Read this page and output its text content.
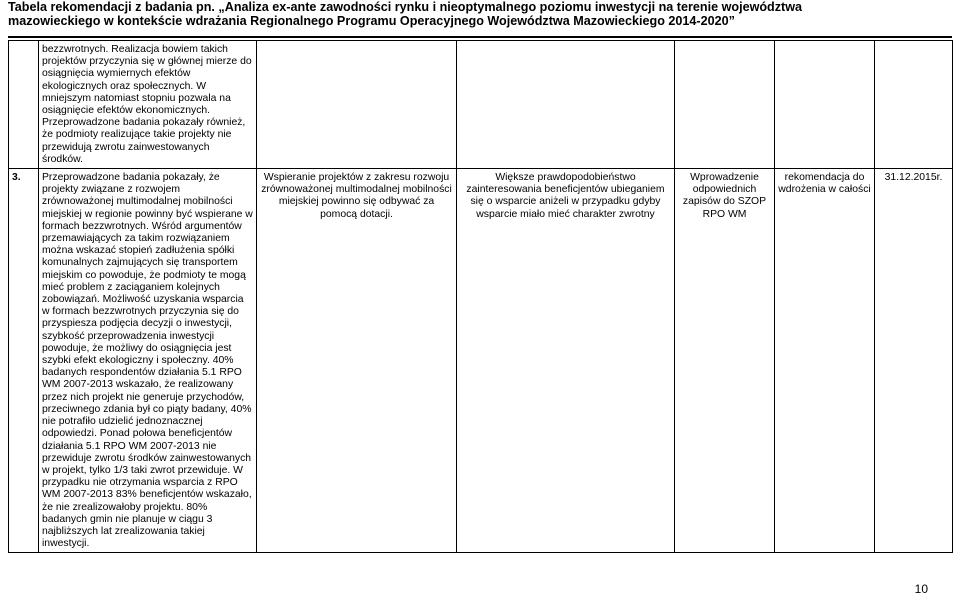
Tabela rekomendacji z badania pn. „Analiza ex-ante zawodności rynku i nieoptymalnego poziomu inwestycji na terenie województwa
mazowieckiego w kontekście wdrażania Regionalnego Programu Operacyjnego Województwa Mazowieckiego 2014-2020”
	bezzwrotnych. Realizacja bowiem takich projektów przyczynia się w głównej mierze do osiągnięcia wymiernych efektów ekologicznych oraz społecznych. W mniejszym natomiast stopniu pozwala na osiągnięcie efektów ekonomicznych. Przeprowadzone badania pokazały również, że podmioty realizujące takie projekty nie przewidują zwrotu zainwestowanych środków.					
3.	Przeprowadzone badania pokazały, że projekty związane z rozwojem zrównoważonej multimodalnej mobilności miejskiej w regionie powinny być wspierane w formach bezzwrotnych. Wśród argumentów przemawiających za takim rozwiązaniem można wskazać stopień zadłużenia spółki komunalnych zajmujących się transportem miejskim co powoduje, że podmioty te mogą mieć problem z zaciąganiem kolejnych zobowiązań. Możliwość uzyskania wsparcia w formach bezzwrotnych przyczynia się do przyspiesza podjęcia decyzji o inwestycji, szybkość przeprowadzenia inwestycji powoduje, że możliwy do osiągnięcia jest szybki efekt ekologiczny i społeczny. 40% badanych respondentów działania 5.1 RPO WM 2007-2013 wskazało, że realizowany przez nich projekt nie generuje przychodów, przeciwnego zdania był co piąty badany, 40% nie potrafiło udzielić jednoznacznej odpowiedzi. Ponad połowa beneficjentów działania 5.1 RPO WM 2007-2013 nie przewiduje zwrotu środków zainwestowanych w projekt, tylko 1/3 taki zwrot przewiduje. W przypadku nie otrzymania wsparcia z RPO WM 2007-2013 83% beneficjentów wskazało, że nie zrealizowałoby projektu. 80% badanych gmin nie planuje w ciągu 3 najbliższych lat zrealizowania takiej inwestycji.	Wspieranie projektów z zakresu rozwoju zrównoważonej multimodalnej mobilności miejskiej powinno się odbywać za pomocą dotacji.	Większe prawdopodobieństwo zainteresowania beneficjentów ubieganiem się o wsparcie aniżeli w przypadku gdyby wsparcie miało mieć charakter zwrotny	Wprowadzenie odpowiednich zapisów do SZOP RPO WM	rekomendacja do wdrożenia w całości	31.12.2015r.
10
